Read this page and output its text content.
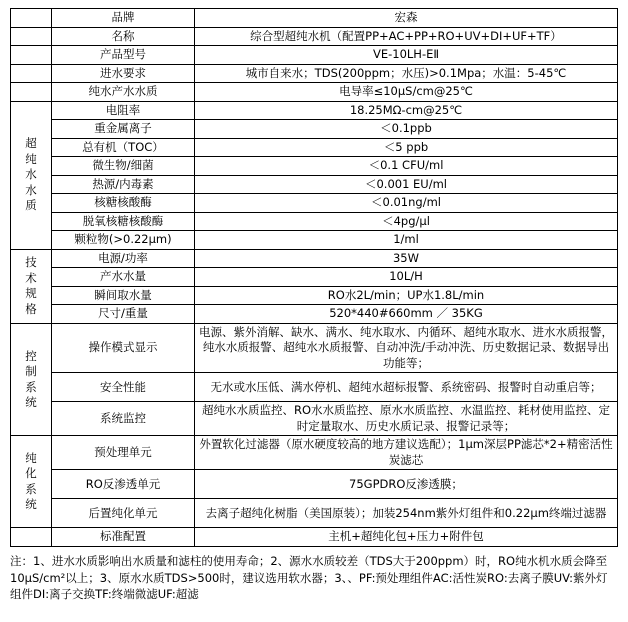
	品牌	宏森
	名称	综合型超纯水机（配置PP+AC+PP+RO+UV+DI+UF+TF）
	产品型号	VE-10LH-EⅡ
	进水要求	城市自来水；TDS(200ppm；水压)>0.1Mpa；水温：5-45℃
	纯水产水水质	电导率≤10μS/cm@25℃

超
纯
水
水
质	电阻率	18.25MΩ-cm@25℃
	重金属离子	＜0.1ppb
	总有机（TOC）	＜5 ppb
	微生物/细菌	＜0.1 CFU/ml
	热源/内毒素	＜0.001 EU/ml
	核糖核酸酶	＜0.01ng/ml
	脱氧核糖核酸酶	＜4pg/μl
	颗粒物(>0.22μm)	1/ml

技
术
规
格	电源/功率	35W
	产水水量	10L/H
	瞬间取水量	RO水2L/min；UP水1.8L/min
	尺寸/重量	520*440#660mm ／ 35KG

控
制
系
统	操作模式显示	电源、紫外消解、缺水、满水、纯水取水、内循环、超纯水取水、进水水质报警，纯水水质报警、超纯水水质报警、自动冲洗/手动冲洗、历史数据记录、数据导出功能等；
	安全性能	无水或水压低、满水停机、超纯水超标报警、系统密码、报警时自动重启等；
	系统监控	超纯水水质监控、RO水水质监控、原水水质监控、水温监控、耗材使用监控、定时定量取水、历史水质记录、报警记录等；

纯
化
系
统	预处理单元	外置软化过滤器（原水硬度较高的地方建议选配）；1μm深层PP滤芯*2+精密活性炭滤芯
	RO反渗透单元	75GPDRO反渗透膜；
	后置纯化单元	去离子超纯化树脂（美国原装）；加装254nm紫外灯组件和0.22μm终端过滤器
	标准配置	主机+超纯化包+压力+附件包
注：1、进水水质影响出水质量和滤柱的使用寿命；2、源水水质较差（TDS大于200ppm）时，RO纯水机水质会降至10μS/cm²以上；3、原水水质TDS>500时，建议选用软水器；3、、PF:预处理组件AC:活性炭RO:去离子膜UV:紫外灯组件DI:离子交换TF:终端微滤UF:超滤
